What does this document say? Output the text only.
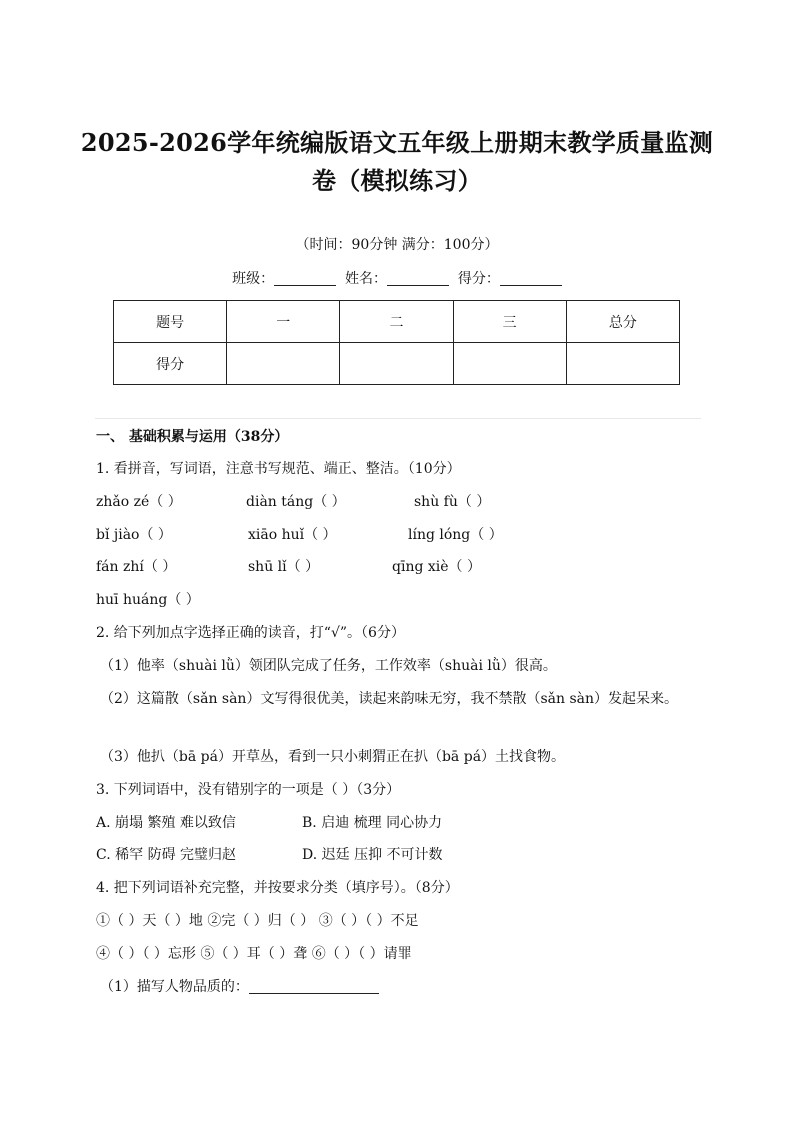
2025-2026学年统编版语文五年级上册期末教学质量监测
卷（模拟练习）
（时间：90分钟 满分：100分）
班级：	姓名：	得分：
题号	一	二	三	总分
得分				
一、 基础积累与运用（38分）
1. 看拼音，写词语，注意书写规范、端正、整洁。（10分）
zhǎo zé（ ）	diàn táng（ ）	shù fù（ ）
bǐ jiào（ ）	xiāo huǐ（ ）	líng lóng（ ）
fán zhí（ ）	shū lǐ（ ）	qīng xiè（ ）
huī huáng（ ）
2. 给下列加点字选择正确的读音，打“√”。（6分）
（1）他率（shuài lǜ）领团队完成了任务，工作效率（shuài lǜ）很高。
（2）这篇散（sǎn sàn）文写得很优美，读起来韵味无穷，我不禁散（sǎn sàn）发起呆来。
（3）他扒（bā pá）开草丛，看到一只小刺猬正在扒（bā pá）土找食物。
3. 下列词语中，没有错别字的一项是（ ）（3分）
A. 崩塌 繁殖 难以致信	B. 启迪 梳理 同心协力
C. 稀罕 防碍 完璧归赵	D. 迟廷 压抑 不可计数
4. 把下列词语补充完整，并按要求分类（填序号）。（8分）
①（ ）天（ ）地 ②完（ ）归（ ） ③（ ）（ ）不足
④（ ）（ ）忘形 ⑤（ ）耳（ ）聋 ⑥（ ）（ ）请罪
（1）描写人物品质的：
